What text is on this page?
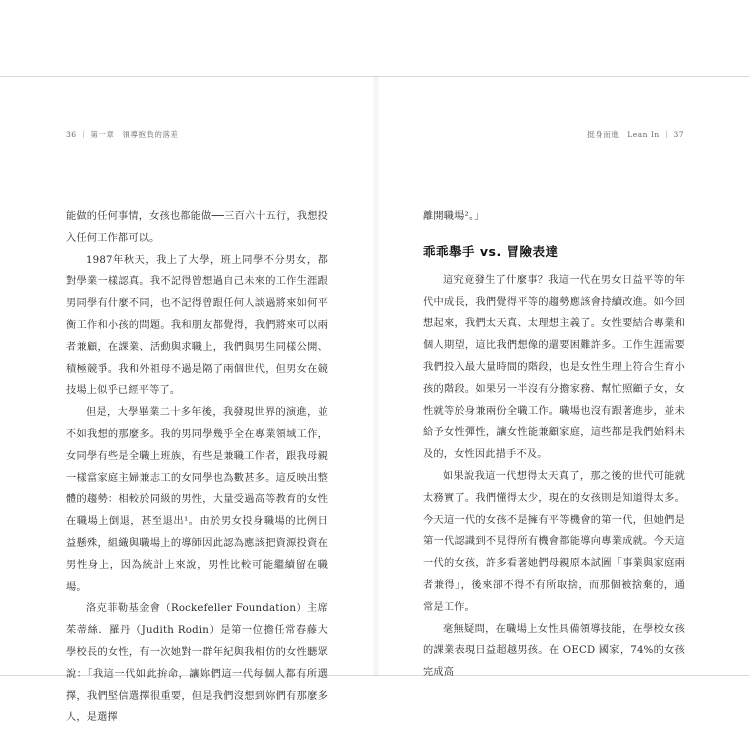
36 ｜ 第一章　領導抱負的落差	挺身而進　Lean In ｜ 37

能做的任何事情，女孩也都能做──三百六十五行，我想投入任何工作都可以。

1987年秋天，我上了大學，班上同學不分男女，都對學業一樣認真。我不記得曾想過自己未來的工作生涯跟男同學有什麼不同，也不記得曾跟任何人談過將來如何平衡工作和小孩的問題。我和朋友都覺得，我們將來可以兩者兼顧，在課業、活動與求職上，我們與男生同樣公開、積極競爭。我和外祖母不過是隔了兩個世代，但男女在競技場上似乎已經平等了。

但是，大學畢業二十多年後，我發現世界的演進，並不如我想的那麼多。我的男同學幾乎全在專業領域工作，女同學有些是全職上班族，有些是兼職工作者，跟我母親一樣當家庭主婦兼志工的女同學也為數甚多。這反映出整體的趨勢：相較於同級的男性，大量受過高等教育的女性在職場上倒退，甚至退出¹。由於男女投身職場的比例日益懸殊，組織與職場上的導師因此認為應該把資源投資在男性身上，因為統計上來說，男性比較可能繼續留在職場。

洛克菲勒基金會（Rockefeller Foundation）主席茱蒂絲．羅丹（Judith Rodin）是第一位擔任常春藤大學校長的女性，有一次她對一群年紀與我相仿的女性聽眾說：「我這一代如此拚命，讓妳們這一代每個人都有所選擇，我們堅信選擇很重要，但是我們沒想到妳們有那麼多人，是選擇

離開職場²。」

乖乖舉手 vs. 冒險表達

這究竟發生了什麼事？我這一代在男女日益平等的年代中成長，我們覺得平等的趨勢應該會持續改進。如今回想起來，我們太天真、太理想主義了。女性要結合專業和個人期望，這比我們想像的還要困難許多。工作生涯需要我們投入最大量時間的階段，也是女性生理上符合生育小孩的階段。如果另一半沒有分擔家務、幫忙照顧子女，女性就等於身兼兩份全職工作。職場也沒有跟著進步，並未給予女性彈性，讓女性能兼顧家庭，這些都是我們始料未及的，女性因此措手不及。

如果說我這一代想得太天真了，那之後的世代可能就太務實了。我們懂得太少，現在的女孩則是知道得太多。今天這一代的女孩不是擁有平等機會的第一代，但她們是第一代認識到不見得所有機會都能導向專業成就。今天這一代的女孩，許多看著她們母親原本試圖「事業與家庭兩者兼得」，後來卻不得不有所取捨，而那個被捨棄的，通常是工作。

毫無疑問，在職場上女性具備領導技能，在學校女孩的課業表現日益超越男孩。在 OECD 國家，74%的女孩完成高
